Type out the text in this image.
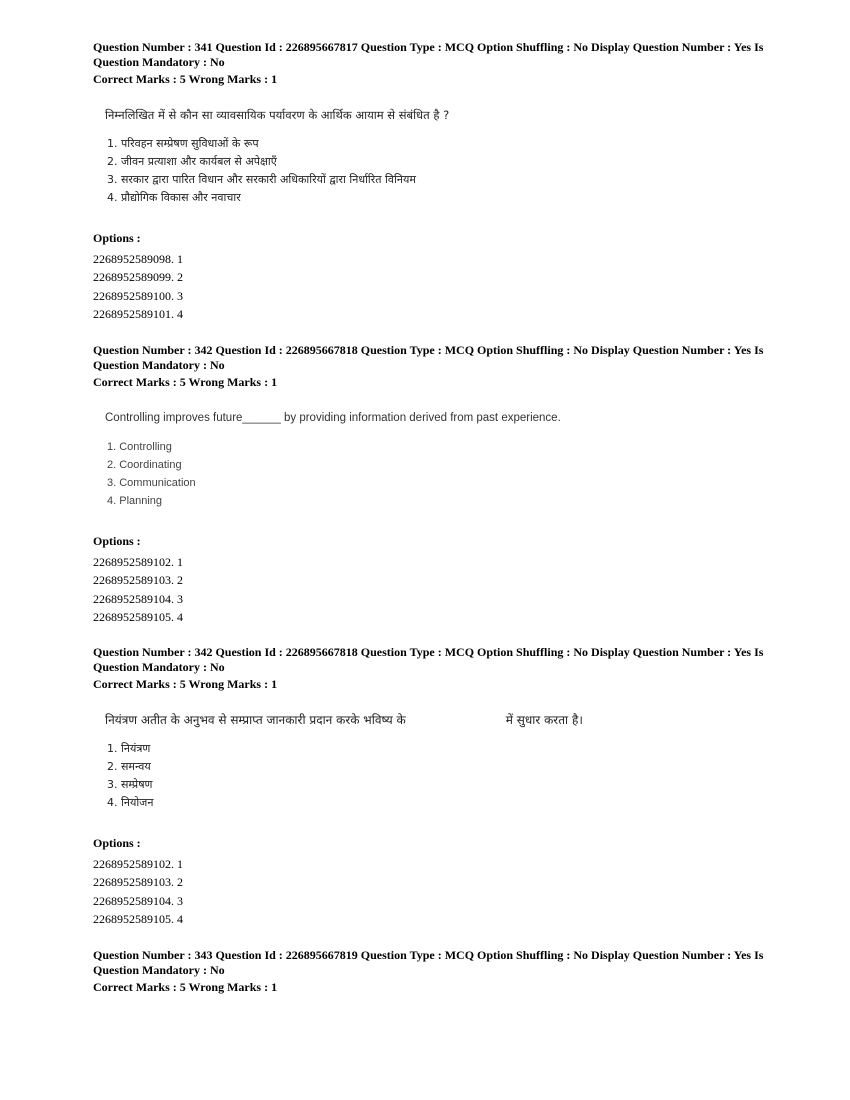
Question Number : 341 Question Id : 226895667817 Question Type : MCQ Option Shuffling : No Display Question Number : Yes Is
Question Mandatory : No

Correct Marks : 5 Wrong Marks : 1
निम्नलिखित में से कौन सा व्यावसायिक पर्यावरण के आर्थिक आयाम से संबंधित है ?
1. परिवहन सम्प्रेषण सुविधाओं के रूप
2. जीवन प्रत्याशा और कार्यबल से अपेक्षाएँ
3. सरकार द्वारा पारित विधान और सरकारी अधिकारियों द्वारा निर्धारित विनियम
4. प्रौद्योगिक विकास और नवाचार
Options :
2268952589098. 1
2268952589099. 2
2268952589100. 3
2268952589101. 4

Question Number : 342 Question Id : 226895667818 Question Type : MCQ Option Shuffling : No Display Question Number : Yes Is
Question Mandatory : No

Correct Marks : 5 Wrong Marks : 1
Controlling improves future______ by providing information derived from past experience.
1. Controlling
2. Coordinating
3. Communication
4. Planning
Options :
2268952589102. 1
2268952589103. 2
2268952589104. 3
2268952589105. 4

Question Number : 342 Question Id : 226895667818 Question Type : MCQ Option Shuffling : No Display Question Number : Yes Is
Question Mandatory : No

Correct Marks : 5 Wrong Marks : 1
नियंत्रण अतीत के अनुभव से सम्प्राप्त जानकारी प्रदान करके भविष्य के	में सुधार करता है।
1. नियंत्रण
2. समन्वय
3. सम्प्रेषण
4. नियोजन
Options :
2268952589102. 1
2268952589103. 2
2268952589104. 3
2268952589105. 4

Question Number : 343 Question Id : 226895667819 Question Type : MCQ Option Shuffling : No Display Question Number : Yes Is
Question Mandatory : No

Correct Marks : 5 Wrong Marks : 1
